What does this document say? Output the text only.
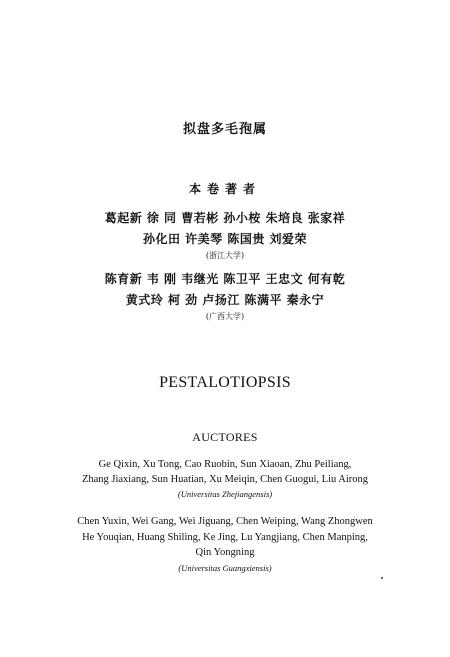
拟盘多毛孢属
本卷著者
葛起新 徐 同 曹若彬 孙小桉 朱培良 张家祥
孙化田 许美琴 陈国贵 刘爱荣
(浙江大学)
陈育新 韦 刚 韦继光 陈卫平 王忠文 何有乾
黄式玲 柯 劲 卢扬江 陈满平 秦永宁
(广西大学)
PESTALOTIOPSIS
AUCTORES
Ge Qixin, Xu Tong, Cao Ruobin, Sun Xiaoan, Zhu Peiliang,
Zhang Jiaxiang, Sun Huatian, Xu Meiqin, Chen Guogui, Liu Airong
(Universitas Zhejiangensis)
Chen Yuxin, Wei Gang, Wei Jiguang, Chen Weiping, Wang Zhongwen
He Youqian, Huang Shiling, Ke Jing, Lu Yangjiang, Chen Manping,
Qin Yongning
(Universitas Guangxiensis)
